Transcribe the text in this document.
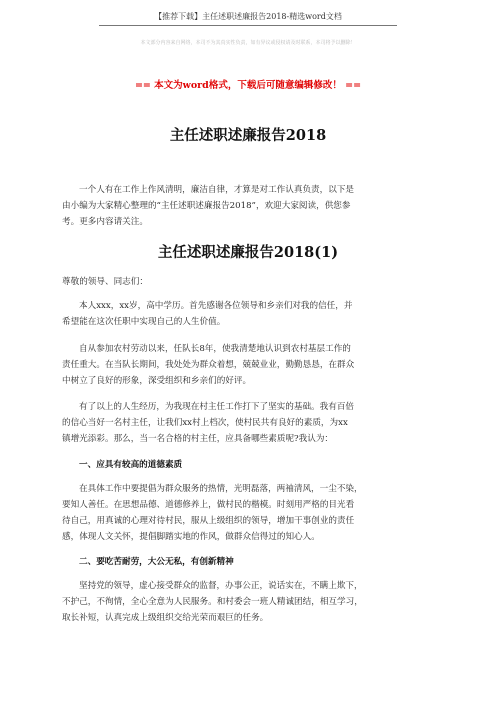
【推荐下载】主任述职述廉报告2018-精选word文档
本文部分内容来自网络，本司不为其真实性负责，如有异议或侵权请及时联系，本司将予以删除！
== 本文为word格式，下载后可随意编辑修改！ ==
主任述职述廉报告2018
一个人有在工作上作风清明，廉洁自律，才算是对工作认真负责，以下是
由小编为大家精心整理的“主任述职述廉报告2018”，欢迎大家阅读，供您参
考。更多内容请关注。
主任述职述廉报告2018(1)
尊敬的领导、同志们：
本人xxx，xx岁，高中学历。首先感谢各位领导和乡亲们对我的信任，并
希望能在这次任职中实现自己的人生价值。
自从参加农村劳动以来，任队长8年，使我清楚地认识到农村基层工作的
责任重大。在当队长期间，我处处为群众着想，兢兢业业，勤勤恳恳，在群众
中树立了良好的形象，深受组织和乡亲们的好评。
有了以上的人生经历，为我现在村主任工作打下了坚实的基础。我有百倍
的信心当好一名村主任，让我们xx村上档次，使村民共有良好的素质，为xx
镇增光添彩。那么，当一名合格的村主任，应具备哪些素质呢?我认为：
一、应具有较高的道德素质
在具体工作中要提倡为群众服务的热情，光明磊落，两袖清风，一尘不染，
要知人善任。在思想品德、道德修养上，做村民的楷模。时刻用严格的目光看
待自己，用真诚的心理对待村民，服从上级组织的领导，增加干事创业的责任
感，体现人文关怀，提倡脚踏实地的作风，做群众信得过的知心人。
二、要吃苦耐劳，大公无私，有创新精神
坚持党的领导，虚心接受群众的监督，办事公正，说话实在，不瞒上欺下，
不护己，不徇情，全心全意为人民服务。和村委会一班人精诚团结，相互学习，
取长补短，认真完成上级组织交给光荣而艰巨的任务。
